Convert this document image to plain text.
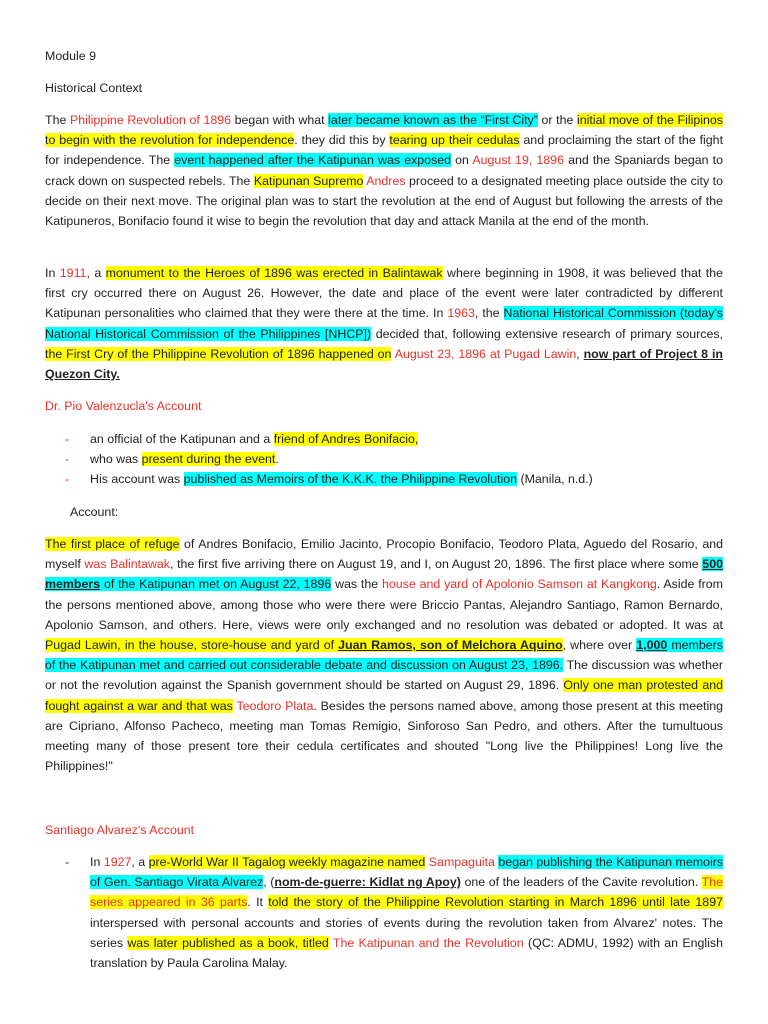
Module 9
Historical Context

The Philippine Revolution of 1896 began with what later became known as the “First City” or the initial move of the Filipinos to begin with the revolution for independence. they did this by tearing up their cedulas and proclaiming the start of the fight for independence. The event happened after the Katipunan was exposed on August 19, 1896 and the Spaniards began to crack down on suspected rebels. The Katipunan Supremo Andres proceed to a designated meeting place outside the city to decide on their next move. The original plan was to start the revolution at the end of August but following the arrests of the Katipuneros, Bonifacio found it wise to begin the revolution that day and attack Manila at the end of the month.

In 1911, a monument to the Heroes of 1896 was erected in Balintawak where beginning in 1908, it was believed that the first cry occurred there on August 26. However, the date and place of the event were later contradicted by different Katipunan personalities who claimed that they were there at the time. In 1963, the National Historical Commission (today's National Historical Commission of the Philippines [NHCP]) decided that, following extensive research of primary sources, the First Cry of the Philippine Revolution of 1896 happened on August 23, 1896 at Pugad Lawin, now part of Project 8 in Quezon City.

Dr. Pio Valenzucla's Account
- an official of the Katipunan and a friend of Andres Bonifacio,
- who was present during the event.
- His account was published as Memoirs of the K.K.K. the Philippine Revolution (Manila, n.d.)
Account:

The first place of refuge of Andres Bonifacio, Emilio Jacinto, Procopio Bonifacio, Teodoro Plata, Aguedo del Rosario, and myself was Balintawak, the first five arriving there on August 19, and I, on August 20, 1896. The first place where some 500 members of the Katipunan met on August 22, 1896 was the house and yard of Apolonio Samson at Kangkong. Aside from the persons mentioned above, among those who were there were Briccio Pantas, Alejandro Santiago, Ramon Bernardo, Apolonio Samson, and others. Here, views were only exchanged and no resolution was debated or adopted. It was at Pugad Lawin, in the house, store-house and yard of Juan Ramos, son of Melchora Aquino, where over 1,000 members of the Katipunan met and carried out considerable debate and discussion on August 23, 1896. The discussion was whether or not the revolution against the Spanish government should be started on August 29, 1896. Only one man protested and fought against a war and that was Teodoro Plata. Besides the persons named above, among those present at this meeting are Cipriano, Alfonso Pacheco, meeting man Tomas Remigio, Sinforoso San Pedro, and others. After the tumultuous meeting many of those present tore their cedula certificates and shouted "Long live the Philippines! Long live the Philippines!"

Santiago Alvarez's Account
- In 1927, a pre-World War II Tagalog weekly magazine named Sampaguita began publishing the Katipunan memoirs of Gen. Santiago Virata Alvarez, (nom-de-guerre: Kidlat ng Apoy) one of the leaders of the Cavite revolution. The series appeared in 36 parts. It told the story of the Philippine Revolution starting in March 1896 until late 1897 interspersed with personal accounts and stories of events during the revolution taken from Alvarez' notes. The series was later published as a book, titled The Katipunan and the Revolution (QC: ADMU, 1992) with an English translation by Paula Carolina Malay.
